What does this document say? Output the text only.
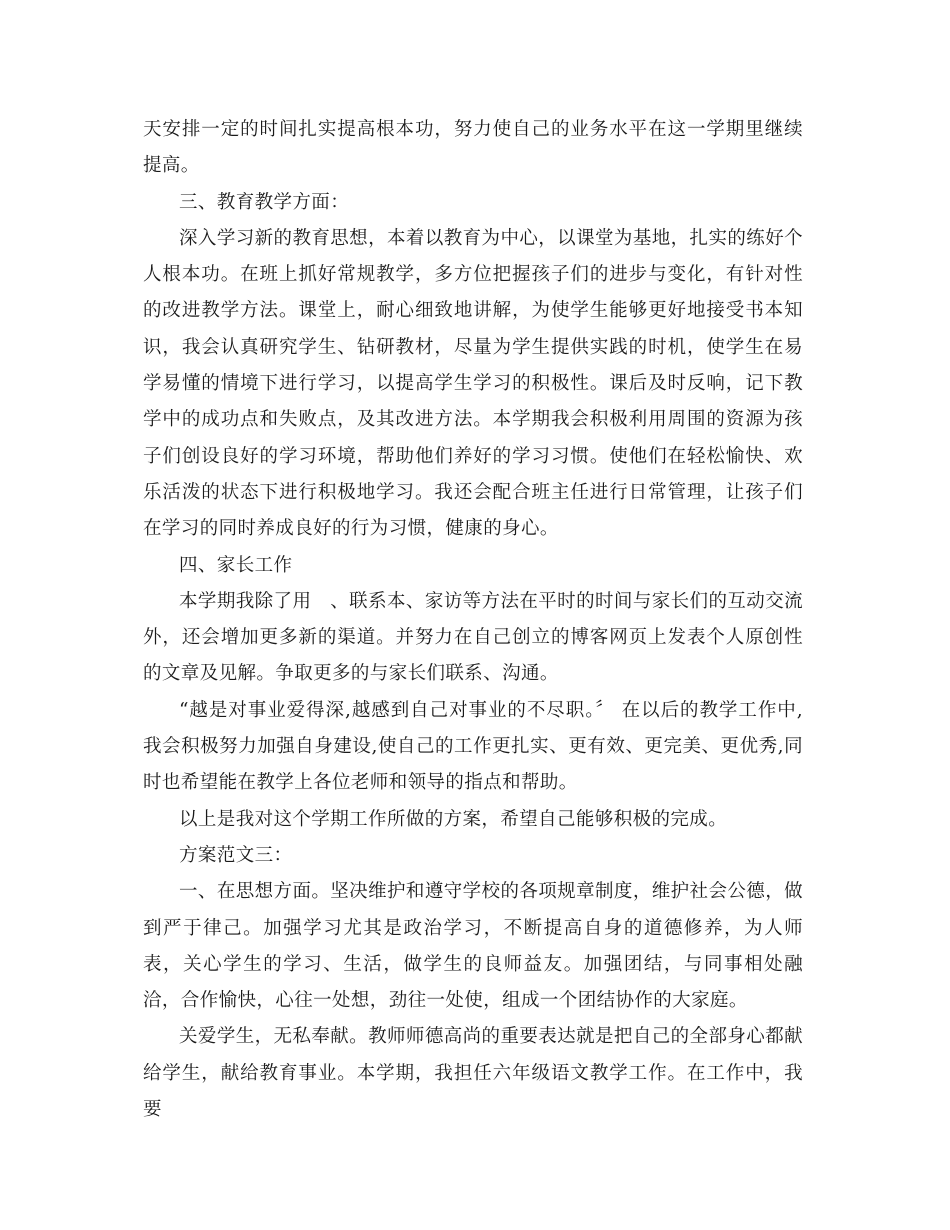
天安排一定的时间扎实提高根本功，努力使自己的业务水平在这一学期里继续提高。

三、教育教学方面：

深入学习新的教育思想，本着以教育为中心，以课堂为基地，扎实的练好个人根本功。在班上抓好常规教学，多方位把握孩子们的进步与变化，有针对性的改进教学方法。课堂上，耐心细致地讲解，为使学生能够更好地接受书本知识，我会认真研究学生、钻研教材，尽量为学生提供实践的时机，使学生在易学易懂的情境下进行学习，以提高学生学习的积极性。课后及时反响，记下教学中的成功点和失败点，及其改进方法。本学期我会积极利用周围的资源为孩子们创设良好的学习环境，帮助他们养好的学习习惯。使他们在轻松愉快、欢乐活泼的状态下进行积极地学习。我还会配合班主任进行日常管理，让孩子们在学习的同时养成良好的行为习惯，健康的身心。

四、家长工作

本学期我除了用　、联系本、家访等方法在平时的时间与家长们的互动交流外，还会增加更多新的渠道。并努力在自己创立的博客网页上发表个人原创性的文章及见解。争取更多的与家长们联系、沟通。

“越是对事业爱得深,越感到自己对事业的不尽职。〞 在以后的教学工作中,我会积极努力加强自身建设,使自己的工作更扎实、更有效、更完美、更优秀,同时也希望能在教学上各位老师和领导的指点和帮助。

以上是我对这个学期工作所做的方案，希望自己能够积极的完成。

方案范文三：

一、在思想方面。坚决维护和遵守学校的各项规章制度，维护社会公德，做到严于律己。加强学习尤其是政治学习，不断提高自身的道德修养，为人师表，关心学生的学习、生活，做学生的良师益友。加强团结，与同事相处融洽，合作愉快，心往一处想，劲往一处使，组成一个团结协作的大家庭。

关爱学生，无私奉献。教师师德高尚的重要表达就是把自己的全部身心都献给学生，献给教育事业。本学期，我担任六年级语文教学工作。在工作中，我要
